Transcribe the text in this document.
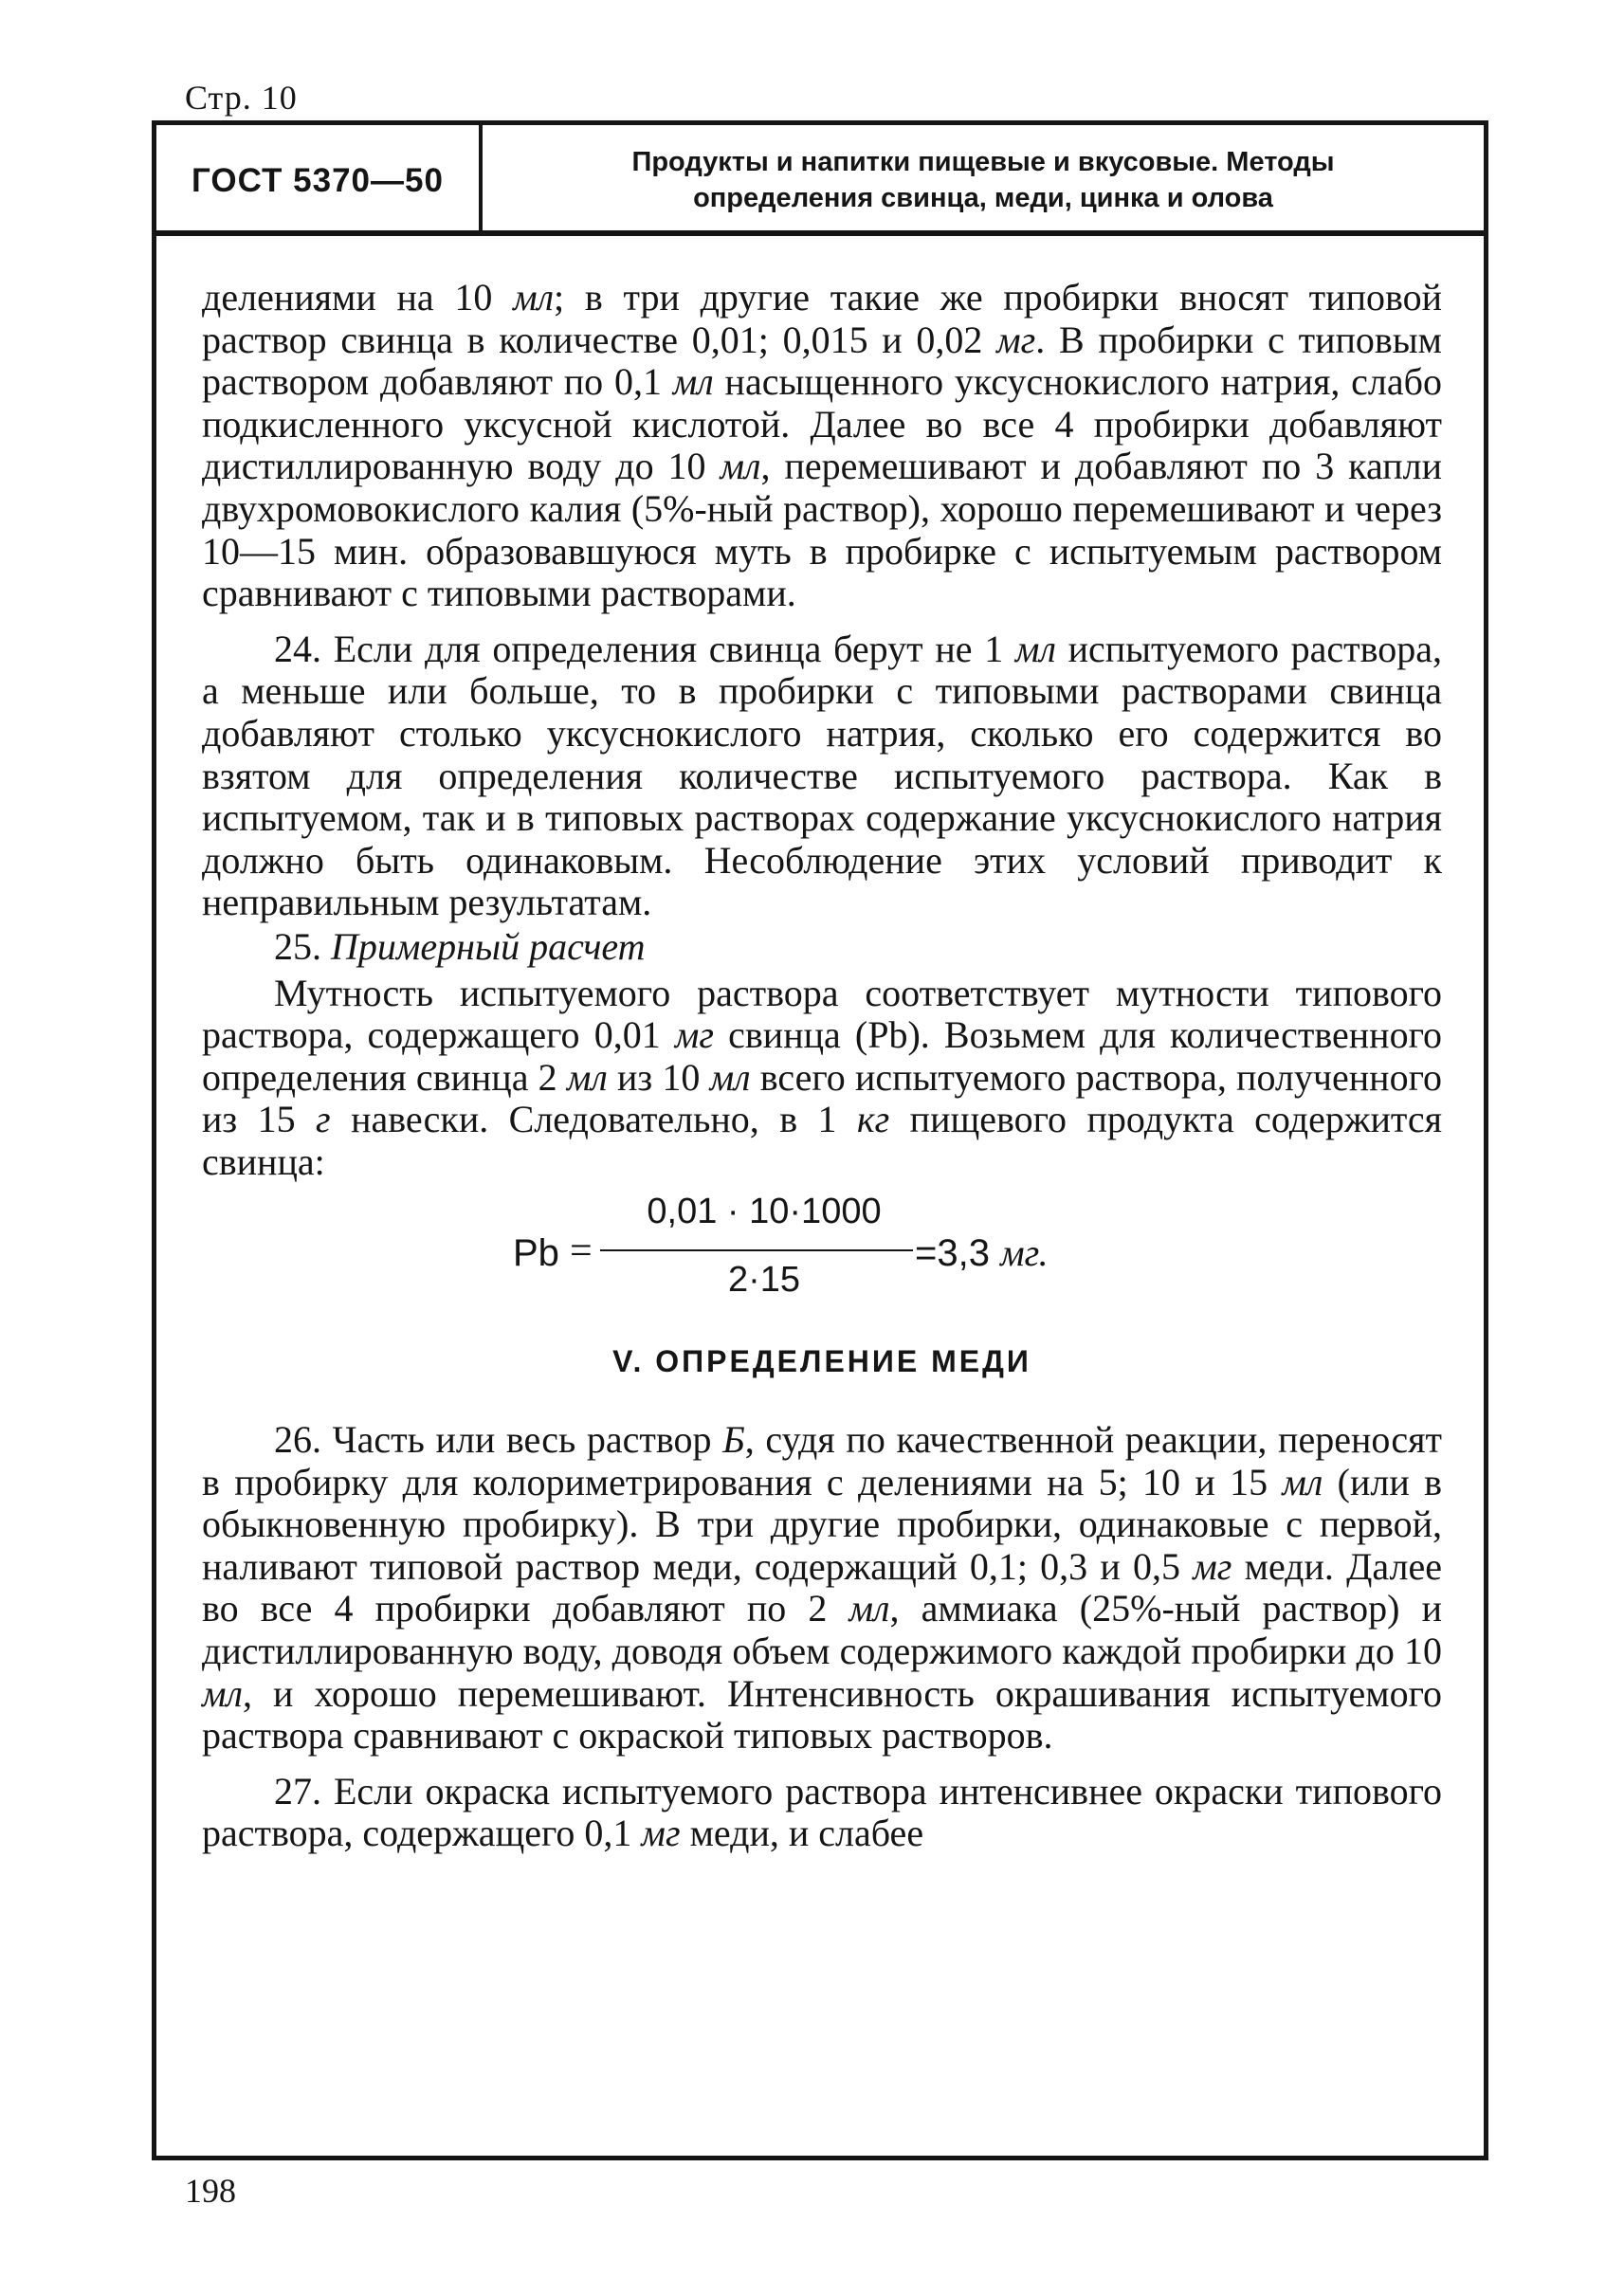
Стр. 10
ГОСТ 5370—50	Продукты и напитки пищевые и вкусовые. Методы
определения свинца, меди, цинка и олова

делениями на 10 мл; в три другие такие же пробирки вносят типовой раствор свинца в количестве 0,01; 0,015 и 0,02 мг. В пробирки с типовым раствором добавляют по 0,1 мл насыщенного уксуснокислого натрия, слабо подкисленного уксусной кислотой. Далее во все 4 пробирки добавляют дистиллированную воду до 10 мл, перемешивают и добавляют по 3 капли двухромовокислого калия (5%-ный раствор), хорошо перемешивают и через 10—15 мин. образовавшуюся муть в пробирке с испытуемым раствором сравнивают с типовыми растворами.

24. Если для определения свинца берут не 1 мл испытуемого раствора, а меньше или больше, то в пробирки с типовыми растворами свинца добавляют столько уксуснокислого натрия, сколько его содержится во взятом для определения количестве испытуемого раствора. Как в испытуемом, так и в типовых растворах содержание уксуснокислого натрия должно быть одинаковым. Несоблюдение этих условий приводит к неправильным результатам.

25. Примерный расчет

Мутность испытуемого раствора соответствует мутности типового раствора, содержащего 0,01 мг свинца (Pb). Возьмем для количественного определения свинца 2 мл из 10 мл всего испытуемого раствора, полученного из 15 г навески. Следовательно, в 1 кг пищевого продукта содержится свинца:

Pb =
0,01 · 10·1000
2·15
=3,3 мг.
V. ОПРЕДЕЛЕНИЕ МЕДИ

26. Часть или весь раствор Б, судя по качественной реакции, переносят в пробирку для колориметрирования с делениями на 5; 10 и 15 мл (или в обыкновенную пробирку). В три другие пробирки, одинаковые с первой, наливают типовой раствор меди, содержащий 0,1; 0,3 и 0,5 мг меди. Далее во все 4 пробирки добавляют по 2 мл, аммиака (25%-ный раствор) и дистиллированную воду, доводя объем содержимого каждой пробирки до 10 мл, и хорошо перемешивают. Интенсивность окрашивания испытуемого раствора сравнивают с окраской типовых растворов.

27. Если окраска испытуемого раствора интенсивнее окраски типового раствора, содержащего 0,1 мг меди, и слабее

198
